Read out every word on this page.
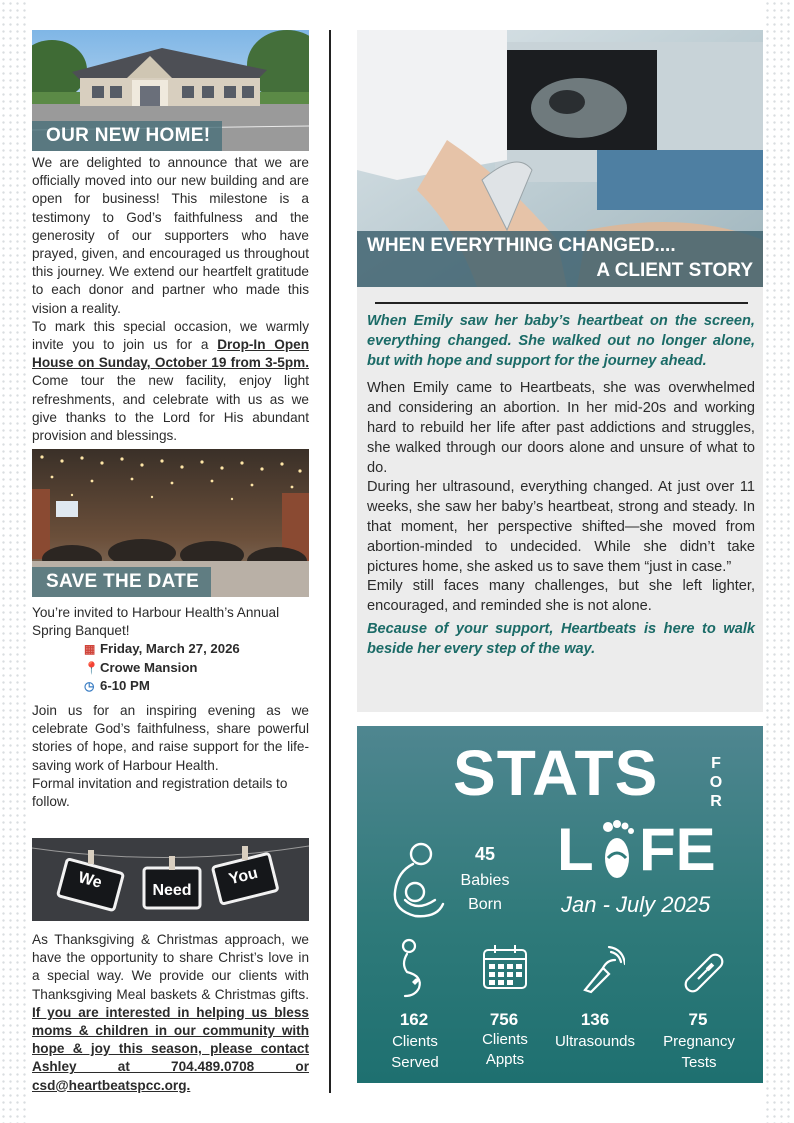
OUR NEW HOME!

We are delighted to announce that we are officially moved into our new building and are open for business! This milestone is a testimony to God’s faithfulness and the generosity of our supporters who have prayed, given, and encouraged us throughout this journey. We extend our heartfelt gratitude to each donor and partner who made this vision a reality.

To mark this special occasion, we warmly invite you to join us for a Drop-In Open House on Sunday, October 19 from 3-5pm. Come tour the new facility, enjoy light refreshments, and celebrate with us as we give thanks to the Lord for His abundant provision and blessings.

SAVE THE DATE

You’re invited to Harbour Health’s Annual Spring Banquet!

▦ Friday, March 27, 2026
📍Crowe Mansion
◷ 6-10 PM

Join us for an inspiring evening as we celebrate God’s faithfulness, share powerful stories of hope, and raise support for the life-saving work of Harbour Health.

Formal invitation and registration details to follow.

We	Need
You

As Thanksgiving & Christmas approach, we have the opportunity to share Christ’s love in a special way. We provide our clients with Thanksgiving Meal baskets & Christmas gifts. If you are interested in helping us bless moms & children in our community with hope & joy this season, please contact Ashley at 704.489.0708 or csd@heartbeatspcc.org.

WHEN EVERYTHING CHANGED....
A CLIENT STORY

When Emily saw her baby’s heartbeat on the screen, everything changed. She walked out no longer alone, but with hope and support for the journey ahead.

When Emily came to Heartbeats, she was overwhelmed and considering an abortion. In her mid-20s and working hard to rebuild her life after past addictions and struggles, she walked through our doors alone and unsure of what to do.

During her ultrasound, everything changed. At just over 11 weeks, she saw her baby’s heartbeat, strong and steady. In that moment, her perspective shifted—she moved from abortion-minded to undecided. While she didn’t take pictures home, she asked us to save them “just in case.”

Emily still faces many challenges, but she left lighter, encouraged, and reminded she is not alone.

Because of your support, Heartbeats is here to walk beside her every step of the way.

STATS	FOR
L FE
Jan - July 2025
45
Babies
Born
162
Clients
Served
756
Clients
Appts
136
Ultrasounds
75
Pregnancy
Tests
